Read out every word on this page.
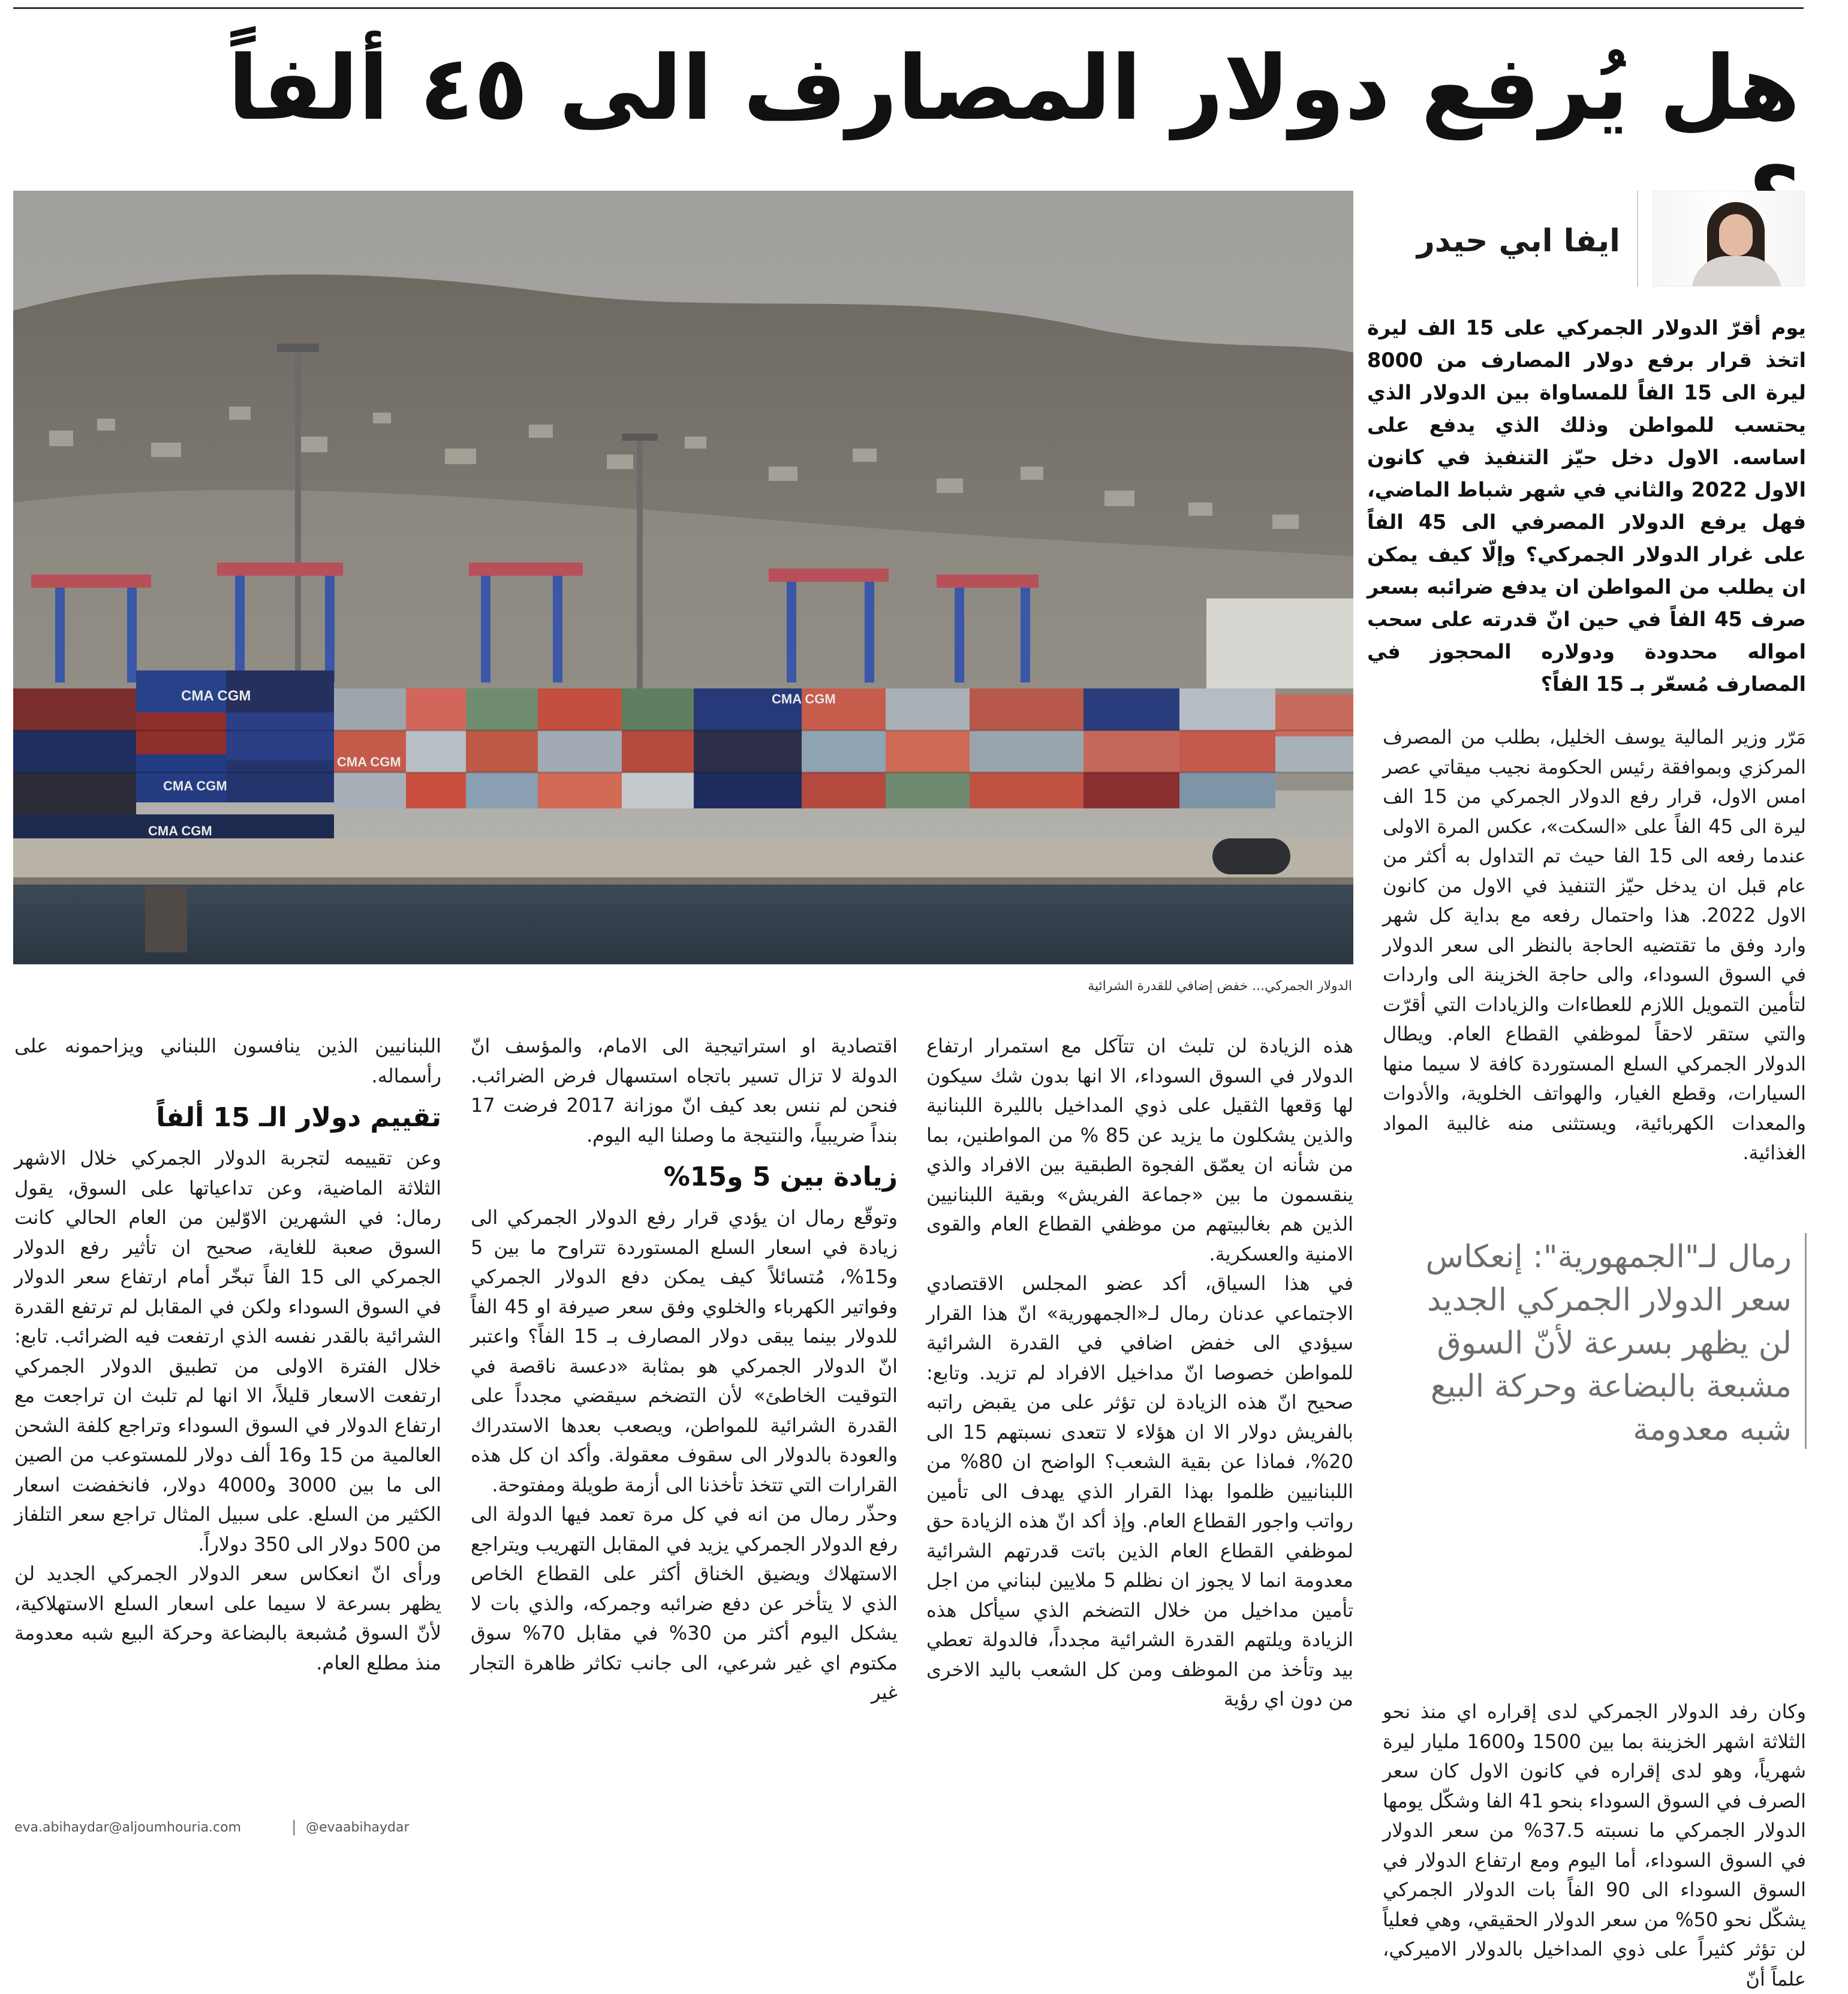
هل يُرفع دولار المصارف الى ٤٥ ألفاً
ايفا ابي حيدر
يوم أقرّ الدولار الجمركي على 15 الف ليرة اتخذ قرار برفع دولار المصارف من 8000 ليرة الى 15 الفاً للمساواة بين الدولار الذي يحتسب للمواطن وذلك الذي يدفع على اساسه. الاول دخل حيّز التنفيذ في كانون الاول 2022 والثاني في شهر شباط الماضي، فهل يرفع الدولار المصرفي الى 45 الفاً على غرار الدولار الجمركي؟ وإلّا كيف يمكن ان يطلب من المواطن ان يدفع ضرائبه بسعر صرف 45 الفاً في حين انّ قدرته على سحب امواله محدودة ودولاره المحجوز في المصارف مُسعّر بـ 15 الفاً؟
CMA CGM
CMA CGM
CMA CGM
CMA CGM
CMA CGM
الدولار الجمركي... خفض إضافي للقدرة الشرائية

مَرّر وزير المالية يوسف الخليل، بطلب من المصرف المركزي وبموافقة رئيس الحكومة نجيب ميقاتي عصر امس الاول، قرار رفع الدولار الجمركي من 15 الف ليرة الى 45 الفاً على «السكت»، عكس المرة الاولى عندما رفعه الى 15 الفا حيث تم التداول به أكثر من عام قبل ان يدخل حيّز التنفيذ في الاول من كانون الاول 2022. هذا واحتمال رفعه مع بداية كل شهر وارد وفق ما تقتضيه الحاجة بالنظر الى سعر الدولار في السوق السوداء، والى حاجة الخزينة الى واردات لتأمين التمويل اللازم للعطاءات والزيادات التي أقرّت والتي ستقر لاحقاً لموظفي القطاع العام. ويطال الدولار الجمركي السلع المستوردة كافة لا سيما منها السيارات، وقطع الغيار، والهواتف الخلوية، والأدوات والمعدات الكهربائية، ويستثنى منه غالبية المواد الغذائية.

رمال لـ"الجمهورية": إنعكاس سعر الدولار الجمركي الجديد لن يظهر بسرعة لأنّ السوق مشبعة بالبضاعة وحركة البيع شبه معدومة

وكان رفد الدولار الجمركي لدى إقراره اي منذ نحو الثلاثة اشهر الخزينة بما بين 1500 و1600 مليار ليرة شهرياً، وهو لدى إقراره في كانون الاول كان سعر الصرف في السوق السوداء بنحو 41 الفا وشكّل يومها الدولار الجمركي ما نسبته 37.5% من سعر الدولار في السوق السوداء، أما اليوم ومع ارتفاع الدولار في السوق السوداء الى 90 الفاً بات الدولار الجمركي يشكّل نحو 50% من سعر الدولار الحقيقي، وهي فعلياً لن تؤثر كثيراً على ذوي المداخيل بالدولار الاميركي، علماً أنّ

هذه الزيادة لن تلبث ان تتآكل مع استمرار ارتفاع الدولار في السوق السوداء، الا انها بدون شك سيكون لها وَقعها الثقيل على ذوي المداخيل بالليرة اللبنانية والذين يشكلون ما يزيد عن 85 % من المواطنين، بما من شأنه ان يعمّق الفجوة الطبقية بين الافراد والذي ينقسمون ما بين «جماعة الفريش» وبقية اللبنانيين الذين هم بغالبيتهم من موظفي القطاع العام والقوى الامنية والعسكرية.

في هذا السياق، أكد عضو المجلس الاقتصادي الاجتماعي عدنان رمال لـ«الجمهورية» انّ هذا القرار سيؤدي الى خفض اضافي في القدرة الشرائية للمواطن خصوصا انّ مداخيل الافراد لم تزيد. وتابع: صحيح انّ هذه الزيادة لن تؤثر على من يقبض راتبه بالفريش دولار الا ان هؤلاء لا تتعدى نسبتهم 15 الى 20%، فماذا عن بقية الشعب؟ الواضح ان 80% من اللبنانيين ظلموا بهذا القرار الذي يهدف الى تأمين رواتب واجور القطاع العام. وإذ أكد انّ هذه الزيادة حق لموظفي القطاع العام الذين باتت قدرتهم الشرائية معدومة انما لا يجوز ان نظلم 5 ملايين لبناني من اجل تأمين مداخيل من خلال التضخم الذي سيأكل هذه الزيادة ويلتهم القدرة الشرائية مجدداً، فالدولة تعطي بيد وتأخذ من الموظف ومن كل الشعب باليد الاخرى من دون اي رؤية

اقتصادية او استراتيجية الى الامام، والمؤسف انّ الدولة لا تزال تسير باتجاه استسهال فرض الضرائب. فنحن لم ننس بعد كيف انّ موزانة 2017 فرضت 17 بنداً ضريبياً، والنتيجة ما وصلنا اليه اليوم.

زيادة بين 5 و15%

وتوقّع رمال ان يؤدي قرار رفع الدولار الجمركي الى زيادة في اسعار السلع المستوردة تتراوح ما بين 5 و15%، مُتسائلاً كيف يمكن دفع الدولار الجمركي وفواتير الكهرباء والخلوي وفق سعر صيرفة او 45 الفاً للدولار بينما يبقى دولار المصارف بـ 15 الفاً؟ واعتبر انّ الدولار الجمركي هو بمثابة «دعسة ناقصة في التوقيت الخاطئ» لأن التضخم سيقضي مجدداً على القدرة الشرائية للمواطن، ويصعب بعدها الاستدراك والعودة بالدولار الى سقوف معقولة. وأكد ان كل هذه القرارات التي تتخذ تأخذنا الى أزمة طويلة ومفتوحة.

وحذّر رمال من انه في كل مرة تعمد فيها الدولة الى رفع الدولار الجمركي يزيد في المقابل التهريب ويتراجع الاستهلاك ويضيق الخناق أكثر على القطاع الخاص الذي لا يتأخر عن دفع ضرائبه وجمركه، والذي بات لا يشكل اليوم أكثر من 30% في مقابل 70% سوق مكتوم اي غير شرعي، الى جانب تكاثر ظاهرة التجار غير

اللبنانيين الذين ينافسون اللبناني ويزاحمونه على رأسماله.

تقييم دولار الـ 15 ألفاً

وعن تقييمه لتجربة الدولار الجمركي خلال الاشهر الثلاثة الماضية، وعن تداعياتها على السوق، يقول رمال: في الشهرين الاوّلين من العام الحالي كانت السوق صعبة للغاية، صحيح ان تأثير رفع الدولار الجمركي الى 15 الفاً تبخّر أمام ارتفاع سعر الدولار في السوق السوداء ولكن في المقابل لم ترتفع القدرة الشرائية بالقدر نفسه الذي ارتفعت فيه الضرائب. تابع: خلال الفترة الاولى من تطبيق الدولار الجمركي ارتفعت الاسعار قليلاً، الا انها لم تلبث ان تراجعت مع ارتفاع الدولار في السوق السوداء وتراجع كلفة الشحن العالمية من 15 و16 ألف دولار للمستوعب من الصين الى ما بين 3000 و4000 دولار، فانخفضت اسعار الكثير من السلع. على سبيل المثال تراجع سعر التلفاز من 500 دولار الى 350 دولاراً.

ورأى انّ انعكاس سعر الدولار الجمركي الجديد لن يظهر بسرعة لا سيما على اسعار السلع الاستهلاكية، لأنّ السوق مُشبعة بالبضاعة وحركة البيع شبه معدومة منذ مطلع العام.

eva.abihaydar@aljoumhouria.com	| @evaabihaydar
